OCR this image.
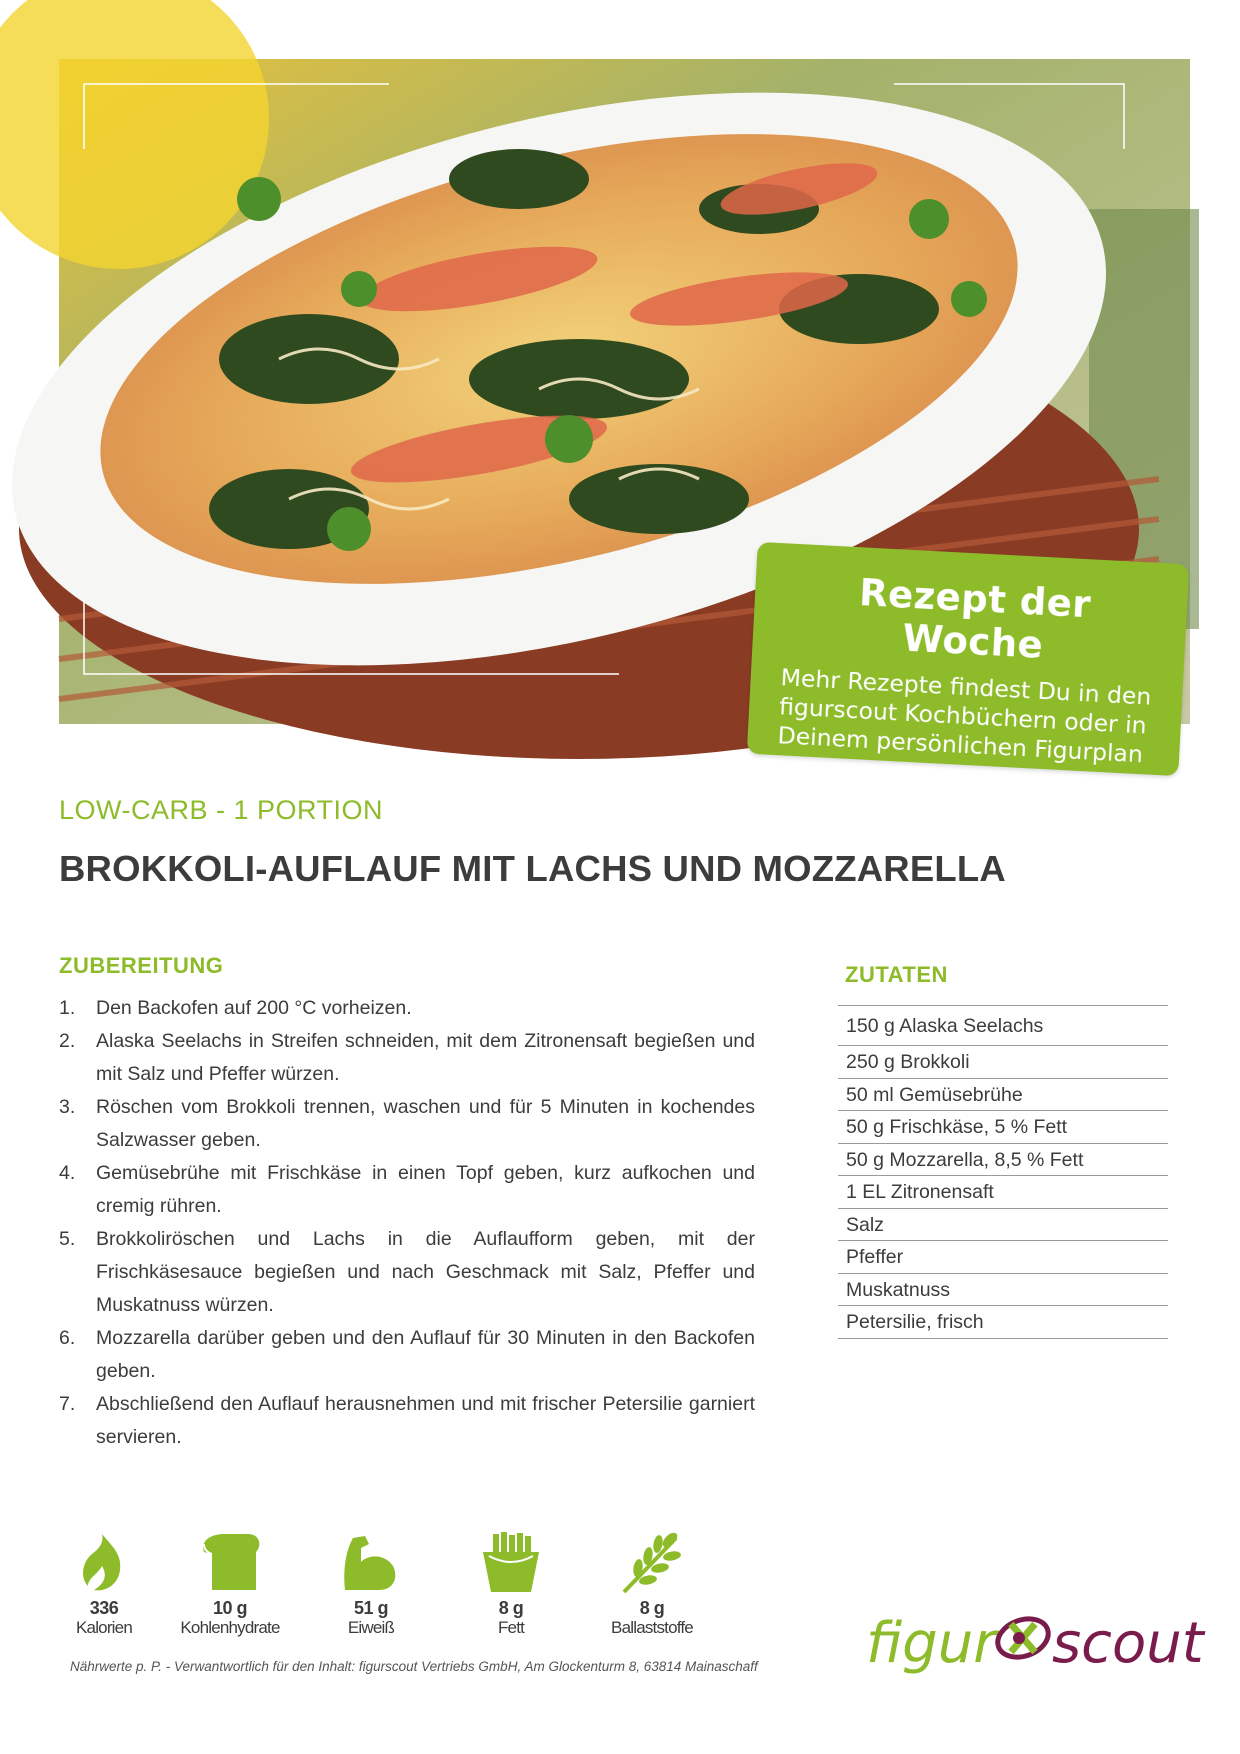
Rezept der Woche
Mehr Rezepte findest Du in den figurscout Kochbüchern oder in Deinem persönlichen Figurplan
LOW-CARB - 1 PORTION
BROKKOLI-AUFLAUF MIT LACHS UND MOZZARELLA
ZUBEREITUNG
1. Den Backofen auf 200 °C vorheizen.
2. Alaska Seelachs in Streifen schneiden, mit dem Zitronensaft begießen und mit Salz und Pfeffer würzen.
3. Röschen vom Brokkoli trennen, waschen und für 5 Minuten in kochendes Salzwasser geben.
4. Gemüsebrühe mit Frischkäse in einen Topf geben, kurz aufkochen und cremig rühren.
5. Brokkoliröschen und Lachs in die Auflaufform geben, mit der Frischkäsesauce begießen und nach Geschmack mit Salz, Pfeffer und Muskatnuss würzen.
6. Mozzarella darüber geben und den Auflauf für 30 Minuten in den Backofen geben.
7. Abschließend den Auflauf herausnehmen und mit frischer Petersilie garniert servieren.
ZUTATEN
150 g Alaska Seelachs
250 g Brokkoli
50 ml Gemüsebrühe
50 g Frischkäse, 5 % Fett
50 g Mozzarella, 8,5 % Fett
1 EL Zitronensaft
Salz
Pfeffer
Muskatnuss
Petersilie, frisch
336
Kalorien
10 g
Kohlenhydrate
51 g
Eiweiß
8 g
Fett
8 g
Ballaststoffe
Nährwerte p. P. - Verwantwortlich für den Inhalt: figurscout Vertriebs GmbH, Am Glockenturm 8, 63814 Mainaschaff figur scout
